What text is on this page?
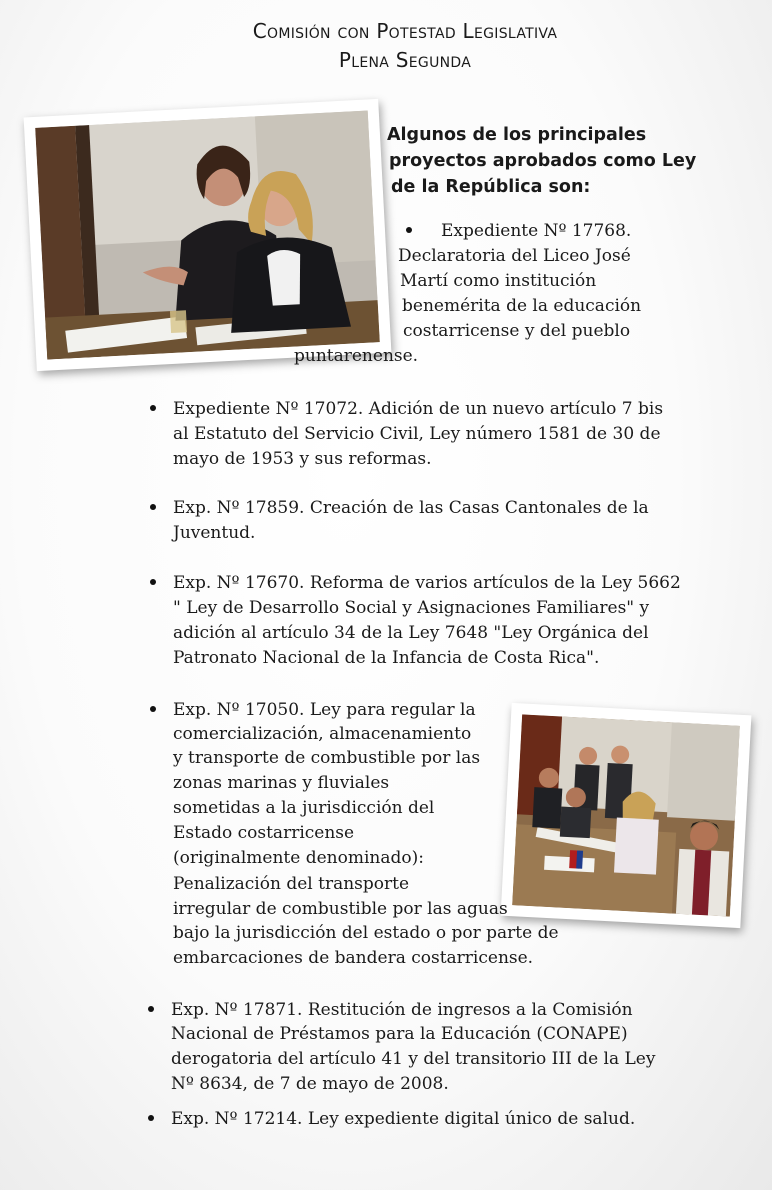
Comisión con Potestad Legislativa
Plena Segunda
Algunos de los principales
proyectos aprobados como Ley
de la República son:
Expediente Nº 17768.
Declaratoria del Liceo José
Martí como institución
benemérita de la educación
costarricense y del pueblo
puntarenense.
Expediente Nº 17072. Adición de un nuevo artículo 7 bis
al Estatuto del Servicio Civil, Ley número 1581 de 30 de
mayo de 1953 y sus reformas.
Exp. Nº 17859. Creación de las Casas Cantonales de la
Juventud.
Exp. Nº 17670. Reforma de varios artículos de la Ley 5662
" Ley de Desarrollo Social y Asignaciones Familiares" y
adición al artículo 34 de la Ley 7648 "Ley Orgánica del
Patronato Nacional de la Infancia de Costa Rica".
Exp. Nº 17050. Ley para regular la
comercialización, almacenamiento
y transporte de combustible por las
zonas marinas y fluviales
sometidas a la jurisdicción del
Estado costarricense
(originalmente denominado):
Penalización del transporte
irregular de combustible por las aguas
bajo la jurisdicción del estado o por parte de
embarcaciones de bandera costarricense.
Exp. Nº 17871. Restitución de ingresos a la Comisión
Nacional de Préstamos para la Educación (CONAPE)
derogatoria del artículo 41 y del transitorio III de la Ley
Nº 8634, de 7 de mayo de 2008.
Exp. Nº 17214. Ley expediente digital único de salud.
